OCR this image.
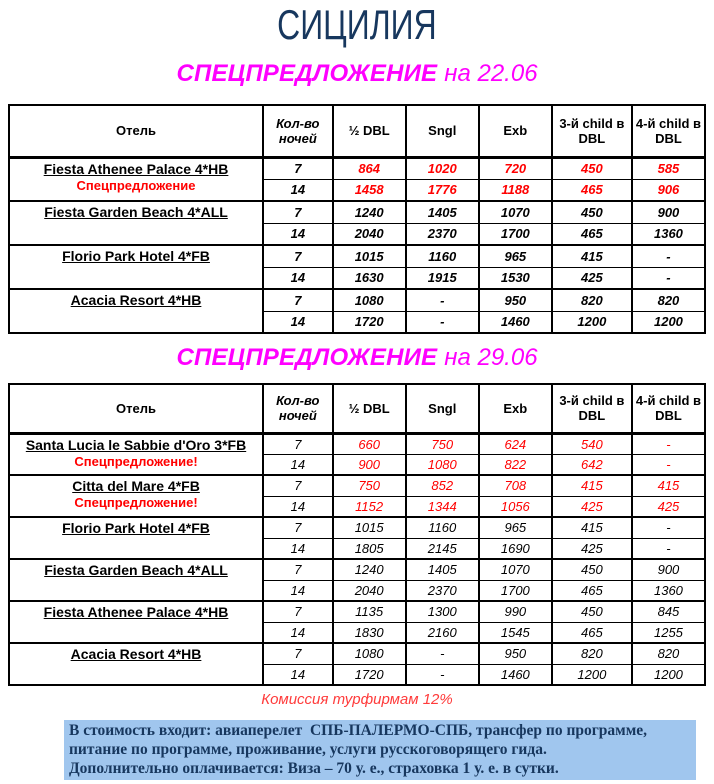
СИЦИЛИЯ
СПЕЦПРЕДЛОЖЕНИЕ на 22.06
Отель	Кол-во ночей	½ DBL	Sngl	Exb	3-й child в DBL	4-й child в DBL

Fiesta Athenee Palace 4*HB
Спецпредложение	7	864	1020	720	450	585
	14	1458	1776	1188	465	906

Fiesta Garden Beach 4*ALL	7	1240	1405	1070	450	900
	14	2040	2370	1700	465	1360

Florio Park Hotel 4*FB	7	1015	1160	965	415	-
	14	1630	1915	1530	425	-

Acacia Resort 4*HB	7	1080	-	950	820	820
	14	1720	-	1460	1200	1200
СПЕЦПРЕДЛОЖЕНИЕ на 29.06
Отель	Кол-во ночей	½ DBL	Sngl	Exb	3-й child в DBL	4-й child в DBL

Santa Lucia le Sabbie d'Oro 3*FB
Спецпредложение!	7	660	750	624	540	-
	14	900	1080	822	642	-

Citta del Mare 4*FB
Спецпредложение!	7	750	852	708	415	415
	14	1152	1344	1056	425	425

Florio Park Hotel 4*FB	7	1015	1160	965	415	-
	14	1805	2145	1690	425	-

Fiesta Garden Beach 4*ALL	7	1240	1405	1070	450	900
	14	2040	2370	1700	465	1360

Fiesta Athenee Palace 4*HB	7	1135	1300	990	450	845
	14	1830	2160	1545	465	1255

Acacia Resort 4*HB	7	1080	-	950	820	820
	14	1720	-	1460	1200	1200
Комиссия турфирмам 12%
В стоимость входит: авиаперелет  СПБ-ПАЛЕРМО-СПБ, трансфер по программе,
питание по программе, проживание, услуги русскоговорящего гида.
Дополнительно оплачивается: Виза – 70 у. е., страховка 1 у. е. в сутки.
